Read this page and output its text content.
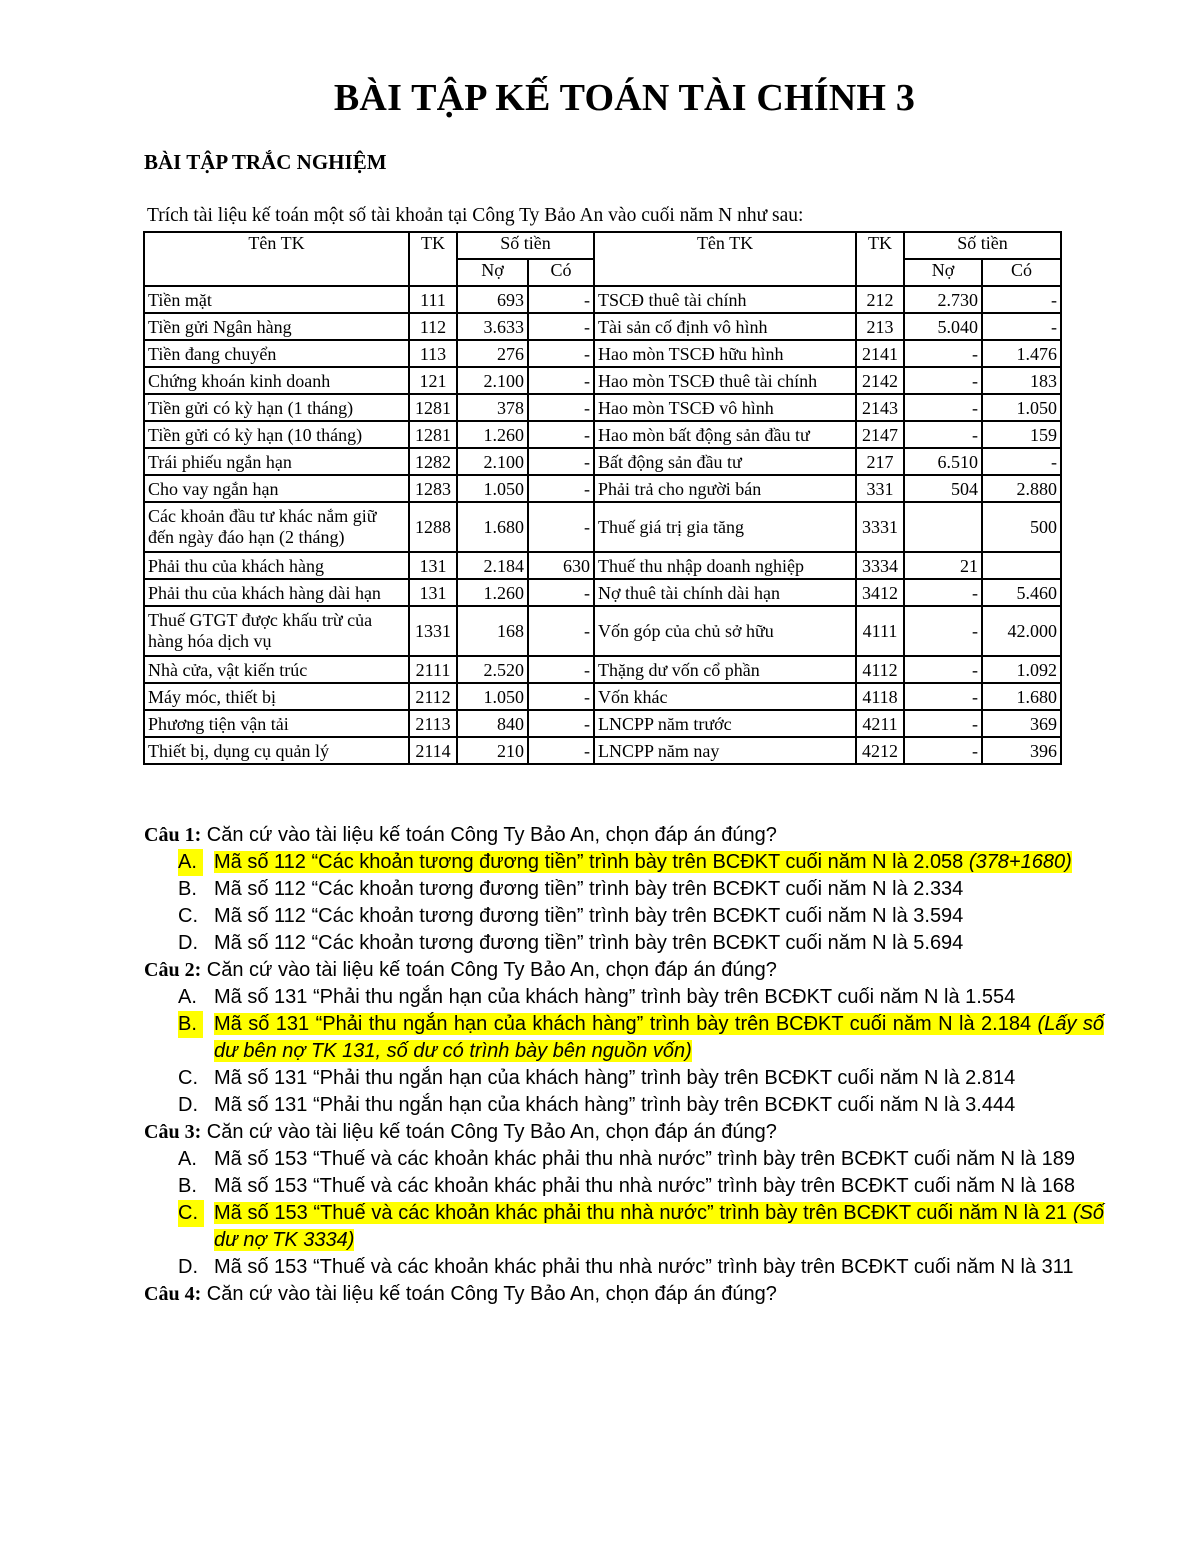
BÀI TẬP KẾ TOÁN TÀI CHÍNH 3
BÀI TẬP TRẮC NGHIỆM
Trích tài liệu kế toán một số tài khoản tại Công Ty Bảo An vào cuối năm N như sau:
Tên TK	TK	Số tiền		Tên TK	TK	Số tiền	
		Nợ	Có			Nợ	Có
Tiền mặt	111	693	-	TSCĐ thuê tài chính	212	2.730	-
Tiền gửi Ngân hàng	112	3.633	-	Tài sản cố định vô hình	213	5.040	-
Tiền đang chuyển	113	276	-	Hao mòn TSCĐ hữu hình	2141	-	1.476
Chứng khoán kinh doanh	121	2.100	-	Hao mòn TSCĐ thuê tài chính	2142	-	183
Tiền gửi có kỳ hạn (1 tháng)	1281	378	-	Hao mòn TSCĐ vô hình	2143	-	1.050
Tiền gửi có kỳ hạn (10 tháng)	1281	1.260	-	Hao mòn bất động sản đầu tư	2147	-	159
Trái phiếu ngắn hạn	1282	2.100	-	Bất động sản đầu tư	217	6.510	-
Cho vay ngắn hạn	1283	1.050	-	Phải trả cho người bán	331	504	2.880
Các khoản đầu tư khác nắm giữ đến ngày đáo hạn (2 tháng)	1288	1.680	-	Thuế giá trị gia tăng	3331		500
Phải thu của khách hàng	131	2.184	630	Thuế thu nhập doanh nghiệp	3334	21	
Phải thu của khách hàng dài hạn	131	1.260	-	Nợ thuê tài chính dài hạn	3412	-	5.460
Thuế GTGT được khấu trừ của hàng hóa dịch vụ	1331	168	-	Vốn góp của chủ sở hữu	4111	-	42.000
Nhà cửa, vật kiến trúc	2111	2.520	-	Thặng dư vốn cổ phần	4112	-	1.092
Máy móc, thiết bị	2112	1.050	-	Vốn khác	4118	-	1.680
Phương tiện vận tải	2113	840	-	LNCPP năm trước	4211	-	369
Thiết bị, dụng cụ quản lý	2114	210	-	LNCPP năm nay	4212	-	396

Câu 1: Căn cứ vào tài liệu kế toán Công Ty Bảo An, chọn đáp án đúng?

A. Mã số 112 “Các khoản tương đương tiền” trình bày trên BCĐKT cuối năm N là 2.058 (378+1680)

B. Mã số 112 “Các khoản tương đương tiền” trình bày trên BCĐKT cuối năm N là 2.334

C. Mã số 112 “Các khoản tương đương tiền” trình bày trên BCĐKT cuối năm N là 3.594

D. Mã số 112 “Các khoản tương đương tiền” trình bày trên BCĐKT cuối năm N là 5.694

Câu 2: Căn cứ vào tài liệu kế toán Công Ty Bảo An, chọn đáp án đúng?

A. Mã số 131 “Phải thu ngắn hạn của khách hàng” trình bày trên BCĐKT cuối năm N là 1.554

B. Mã số 131 “Phải thu ngắn hạn của khách hàng” trình bày trên BCĐKT cuối năm N là 2.184 (Lấy số dư bên nợ TK 131, số dư có trình bày bên nguồn vốn)

C. Mã số 131 “Phải thu ngắn hạn của khách hàng” trình bày trên BCĐKT cuối năm N là 2.814

D. Mã số 131 “Phải thu ngắn hạn của khách hàng” trình bày trên BCĐKT cuối năm N là 3.444

Câu 3: Căn cứ vào tài liệu kế toán Công Ty Bảo An, chọn đáp án đúng?

A. Mã số 153 “Thuế và các khoản khác phải thu nhà nước” trình bày trên BCĐKT cuối năm N là 189

B. Mã số 153 “Thuế và các khoản khác phải thu nhà nước” trình bày trên BCĐKT cuối năm N là 168

C. Mã số 153 “Thuế và các khoản khác phải thu nhà nước” trình bày trên BCĐKT cuối năm N là 21 (Số dư nợ TK 3334)

D. Mã số 153 “Thuế và các khoản khác phải thu nhà nước” trình bày trên BCĐKT cuối năm N là 311

Câu 4: Căn cứ vào tài liệu kế toán Công Ty Bảo An, chọn đáp án đúng?
